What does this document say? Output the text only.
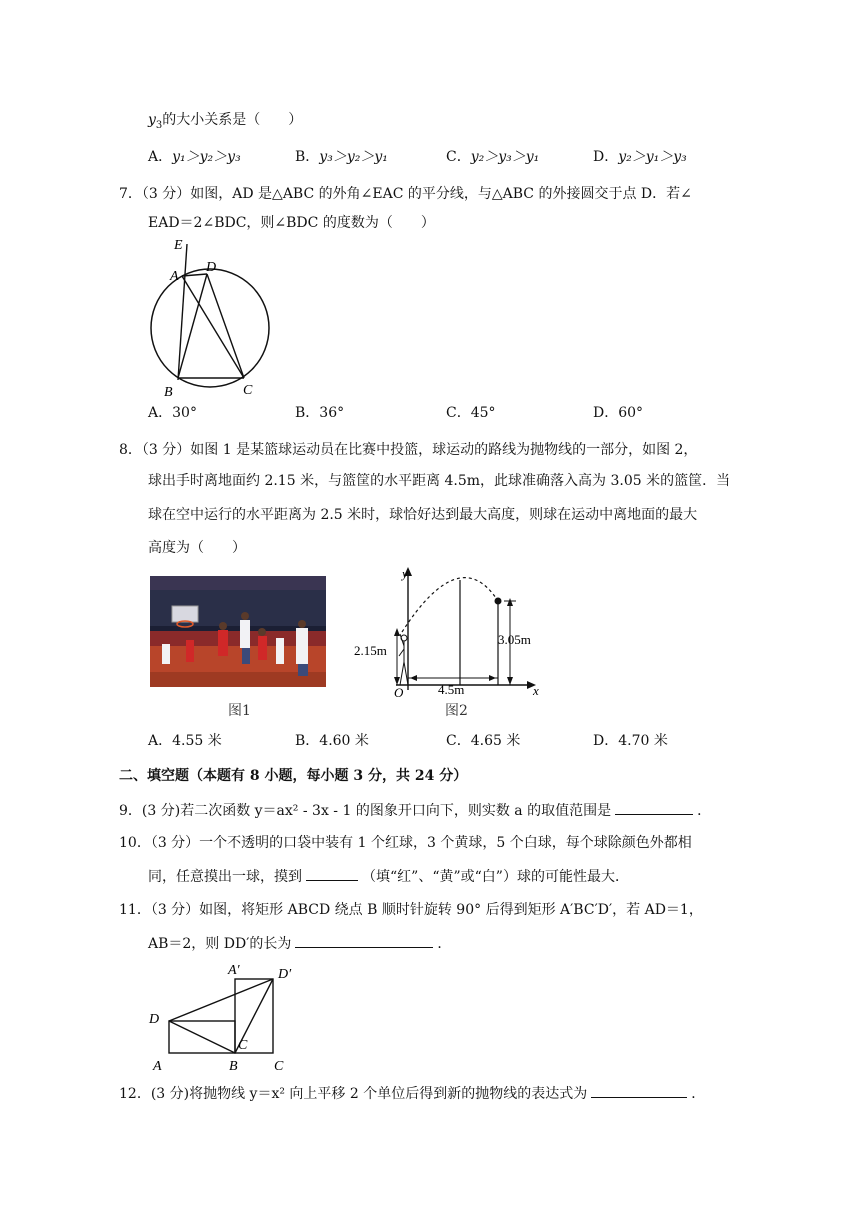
$y_3$的大小关系是（　　）
A．y₁＞y₂＞y₃	B．y₃＞y₂＞y₁	C．y₂＞y₃＞y₁	D．y₂＞y₁＞y₃
7．（3 分）如图，AD 是△ABC 的外角∠EAC 的平分线，与△ABC 的外接圆交于点 D．若∠
EAD＝2∠BDC，则∠BDC 的度数为（　　）
E
A
D
B	C
A．30°	B．36°	C．45°	D．60°
8．（3 分）如图 1 是某篮球运动员在比赛中投篮，球运动的路线为抛物线的一部分，如图 2，
球出手时离地面约 2.15 米，与篮筐的水平距离 4.5m，此球准确落入高为 3.05 米的篮筐．当
球在空中运行的水平距离为 2.5 米时，球恰好达到最大高度，则球在运动中离地面的最大
高度为（　　）
图1
y
x
O
2.15m
3.05m
4.5m
图2
A．4.55 米	B．4.60 米	C．4.65 米	D．4.70 米
二、填空题（本题有 8 小题，每小题 3 分，共 24 分）
9．(3 分)若二次函数 y＝ax² - 3x - 1 的图象开口向下，则实数 a 的取值范围是	．
10．（3 分）一个不透明的口袋中装有 1 个红球，3 个黄球，5 个白球，每个球除颜色外都相
同，任意摸出一球，摸到	（填“红”、“黄”或“白”）球的可能性最大．
11．（3 分）如图，将矩形 ABCD 绕点 B 顺时针旋转 90° 后得到矩形 A′BC′D′，若 AD＝1，
AB＝2，则 DD′的长为	．
A′	D′
D
C
A	B	C
12．(3 分)将抛物线 y＝x² 向上平移 2 个单位后得到新的抛物线的表达式为	．
